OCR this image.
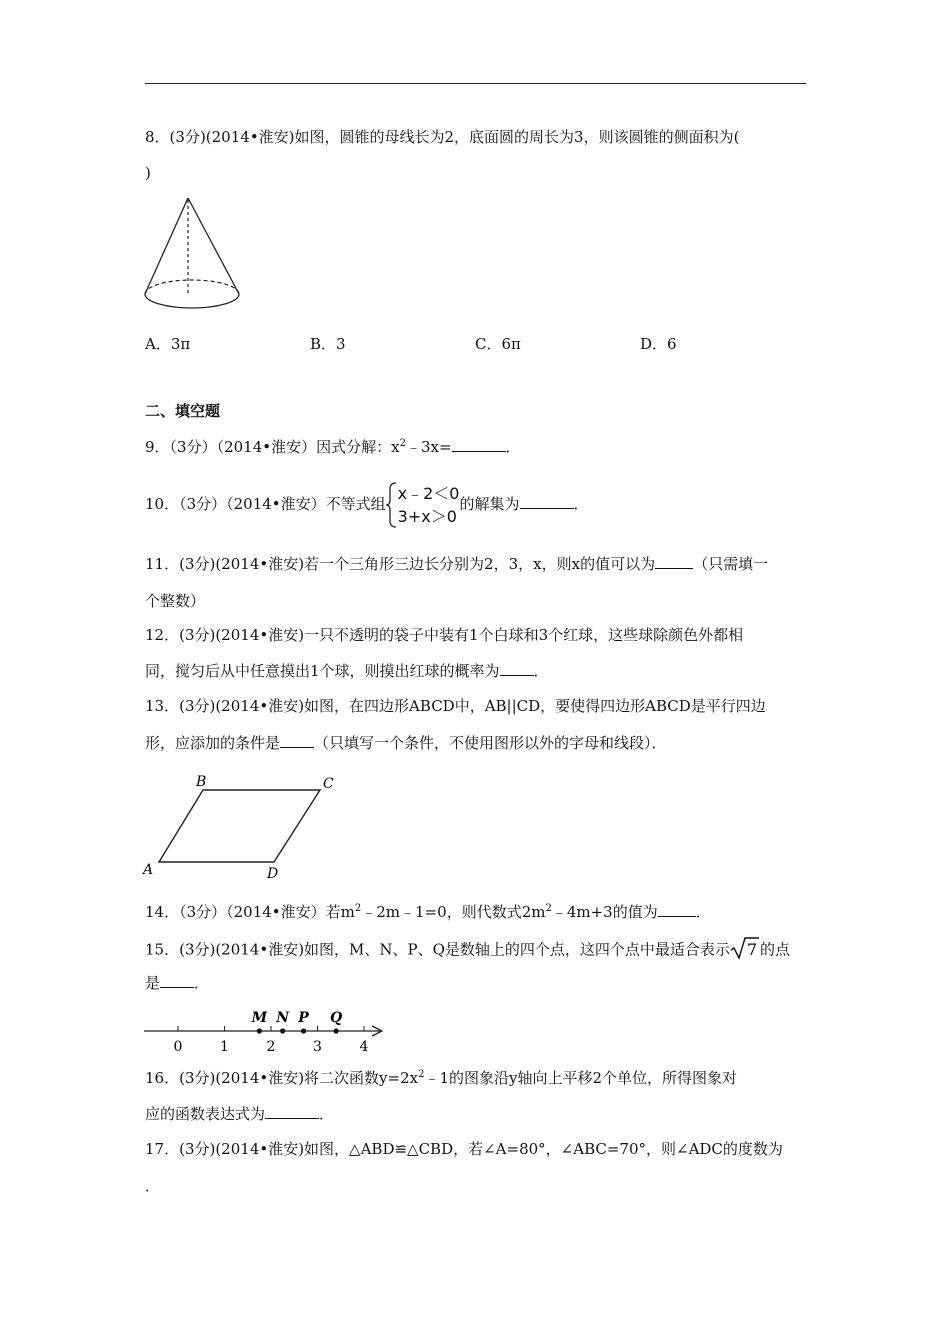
8．(3分)(2014•淮安)如图，圆锥的母线长为2，底面圆的周长为3，则该圆锥的侧面积为(
)
A．3π	B．3	C．6π	D．6
二、填空题
9．（3分）（2014•淮安）因式分解：$x^2﹣3x=$	．
10．（3分）（2014•淮安）不等式组
x﹣2＜0
3+x＞0
的解集为	．
11．(3分)(2014•淮安)若一个三角形三边长分别为2，3，x，则x的值可以为	（只需填一
个整数）
12．(3分)(2014•淮安)一只不透明的袋子中装有1个白球和3个红球，这些球除颜色外都相
同，搅匀后从中任意摸出1个球，则摸出红球的概率为 ．
13．(3分)(2014•淮安)如图，在四边形ABCD中，AB||CD，要使得四边形ABCD是平行四边
形，应添加的条件是 （只填写一个条件，不使用图形以外的字母和线段）．
A
B	C
D
14．（3分）（2014•淮安）若$m^2﹣2m﹣1=0$，则代数式$2m^2﹣4m+3$的值为	．
15．(3分)(2014•淮安)如图，M、N、P、Q是数轴上的四个点，这四个点中最适合表示 7 的点
是 ．
0	1	2	3	4
M N P Q
16．(3分)(2014•淮安)将二次函数$y=2x^2﹣1$的图象沿y轴向上平移2个单位，所得图象对
应的函数表达式为	．
17．(3分)(2014•淮安)如图，△ABD≌△CBD，若∠A=80°，∠ABC=70°，则∠ADC的度数为
．
